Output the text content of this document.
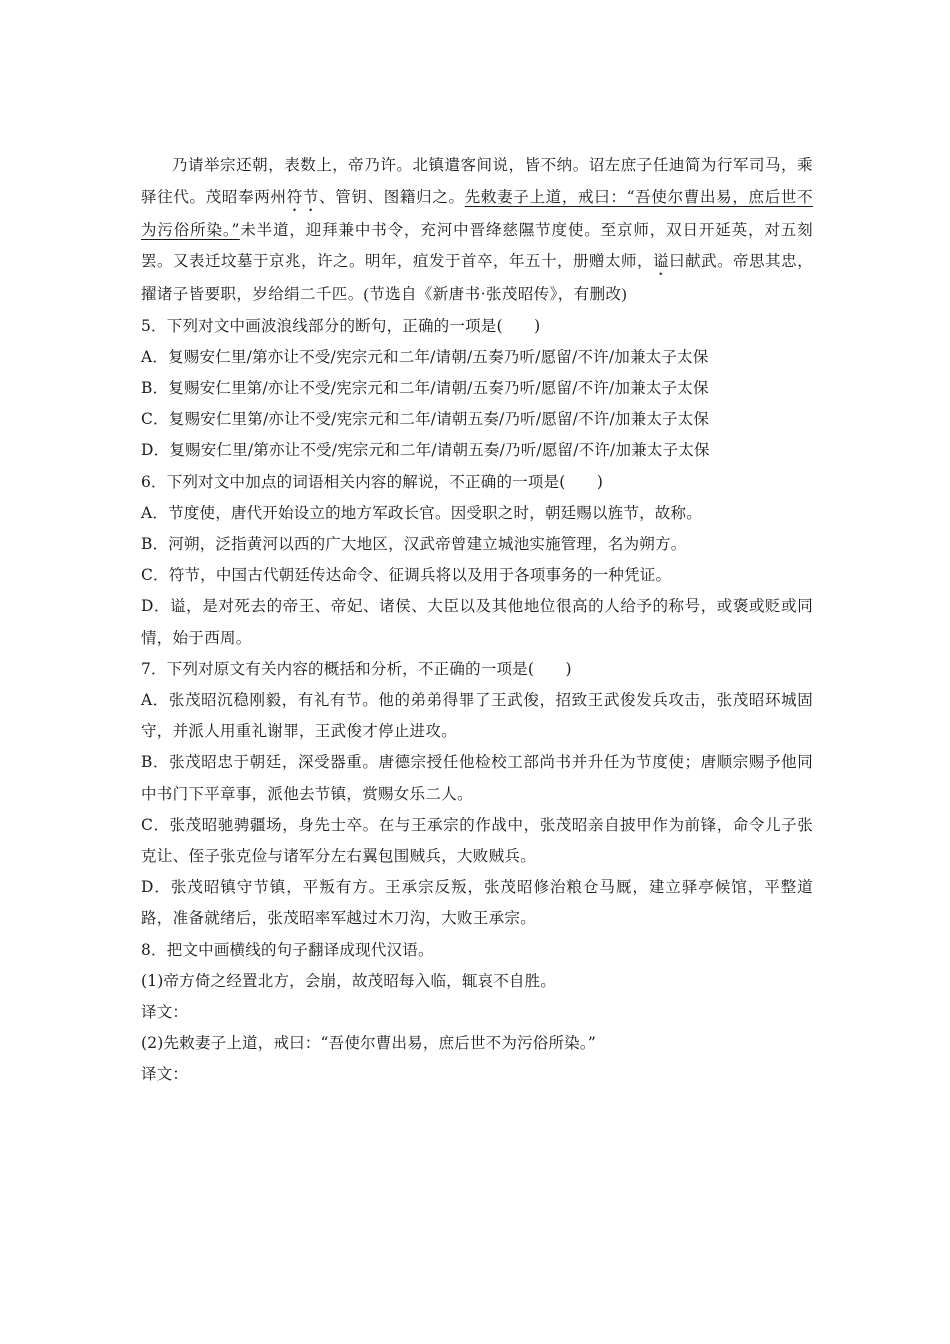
乃请举宗还朝，表数上，帝乃许。北镇遣客间说，皆不纳。诏左庶子任迪简为行军司马，乘驿往代。茂昭奉两州符节、管钥、图籍归之。先敕妻子上道，戒曰：“吾使尔曹出易，庶后世不为污俗所染。”未半道，迎拜兼中书令，充河中晋绛慈隰节度使。至京师，双日开延英，对五刻罢。又表迁坟墓于京兆，许之。明年，疽发于首卒，年五十，册赠太师，谥曰献武。帝思其忠，擢诸子皆要职，岁给绢二千匹。(节选自《新唐书·张茂昭传》，有删改)

5．下列对文中画波浪线部分的断句，正确的一项是(　　)

A．复赐安仁里/第亦让不受/宪宗元和二年/请朝/五奏乃听/愿留/不许/加兼太子太保

B．复赐安仁里第/亦让不受/宪宗元和二年/请朝/五奏乃听/愿留/不许/加兼太子太保

C．复赐安仁里第/亦让不受/宪宗元和二年/请朝五奏/乃听/愿留/不许/加兼太子太保

D．复赐安仁里/第亦让不受/宪宗元和二年/请朝五奏/乃听/愿留/不许/加兼太子太保

6．下列对文中加点的词语相关内容的解说，不正确的一项是(　　)

A．节度使，唐代开始设立的地方军政长官。因受职之时，朝廷赐以旌节，故称。

B．河朔，泛指黄河以西的广大地区，汉武帝曾建立城池实施管理，名为朔方。

C．符节，中国古代朝廷传达命令、征调兵将以及用于各项事务的一种凭证。

D．谥，是对死去的帝王、帝妃、诸侯、大臣以及其他地位很高的人给予的称号，或褒或贬或同情，始于西周。

7．下列对原文有关内容的概括和分析，不正确的一项是(　　)

A．张茂昭沉稳刚毅，有礼有节。他的弟弟得罪了王武俊，招致王武俊发兵攻击，张茂昭环城固守，并派人用重礼谢罪，王武俊才停止进攻。

B．张茂昭忠于朝廷，深受器重。唐德宗授任他检校工部尚书并升任为节度使；唐顺宗赐予他同中书门下平章事，派他去节镇，赏赐女乐二人。

C．张茂昭驰骋疆场，身先士卒。在与王承宗的作战中，张茂昭亲自披甲作为前锋，命令儿子张克让、侄子张克俭与诸军分左右翼包围贼兵，大败贼兵。

D．张茂昭镇守节镇，平叛有方。王承宗反叛，张茂昭修治粮仓马厩，建立驿亭候馆，平整道路，准备就绪后，张茂昭率军越过木刀沟，大败王承宗。

8．把文中画横线的句子翻译成现代汉语。

(1)帝方倚之经置北方，会崩，故茂昭每入临，辄哀不自胜。

译文：

(2)先敕妻子上道，戒曰：“吾使尔曹出易，庶后世不为污俗所染。”

译文：
